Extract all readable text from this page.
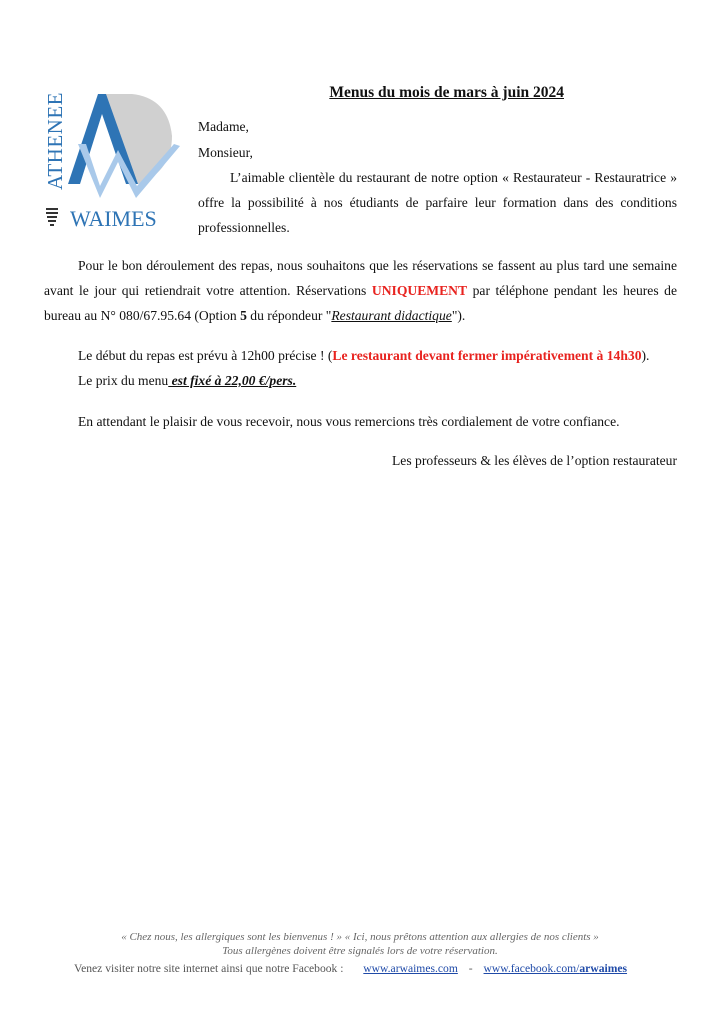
ATHENEE
WAIMES
Menus du mois de mars à juin 2024
Madame,
Monsieur,
L’aimable clientèle du restaurant de notre option « Restaurateur - Restauratrice » offre la possibilité à nos étudiants de parfaire leur formation dans des conditions professionnelles.
Pour le bon déroulement des repas, nous souhaitons que les réservations se fassent au plus tard une semaine avant le jour qui retiendrait votre attention. Réservations UNIQUEMENT par téléphone pendant les heures de bureau au N° 080/67.95.64 (Option 5 du répondeur "Restaurant didactique").
Le début du repas est prévu à 12h00 précise ! (Le restaurant devant fermer impérativement à 14h30).
Le prix du menu est fixé à 22,00 €/pers.
En attendant le plaisir de vous recevoir, nous vous remercions très cordialement de votre confiance.
Les professeurs & les élèves de l’option restaurateur
« Chez nous, les allergiques sont les bienvenus ! » « Ici, nous prêtons attention aux allergies de nos clients »
Tous allergènes doivent être signalés lors de votre réservation.
Venez visiter notre site internet ainsi que notre Facebook : www.arwaimes.com - www.facebook.com/arwaimes
